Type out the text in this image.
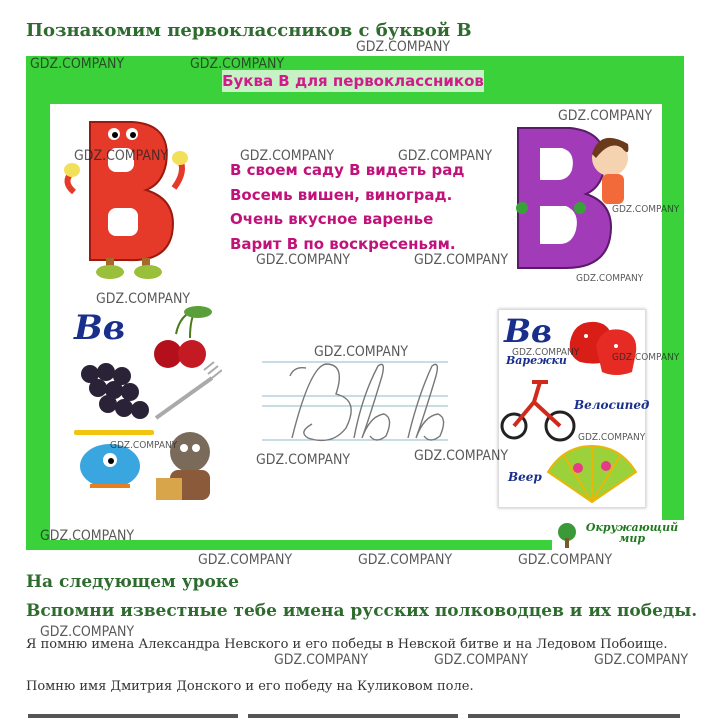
Познакомим первоклассников с буквой В
Буква В для первоклассников
В своем саду В видеть рад
Восемь вишен, виноград.
Очень вкусное варенье
Варит В по воскресеньям.
Вв	Вв
Варежки
Велосипед
Веер
Окружающий
мир
На следующем уроке
Вспомни известные тебе имена русских полководцев и их победы.
Я помню имена Александра Невского и его победы в Невской битве и на Ледовом Побоище.
Помню имя Дмитрия Донского и его победу на Куликовом поле.
GDZ.COMPANY
GDZ.COMPANY	GDZ.COMPANY
GDZ.COMPANY
GDZ.COMPANY	GDZ.COMPANY	GDZ.COMPANY
GDZ.COMPANY
GDZ.COMPANY	GDZ.COMPANY
GDZ.COMPANY
GDZ.COMPANY
GDZ.COMPANY	GDZ.COMPANY	GDZ.COMPANY
GDZ.COMPANY
GDZ.COMPANY
GDZ.COMPANY	GDZ.COMPANY
GDZ.COMPANY
GDZ.COMPANY	GDZ.COMPANY	GDZ.COMPANY
GDZ.COMPANY
GDZ.COMPANY	GDZ.COMPANY	GDZ.COMPANY
